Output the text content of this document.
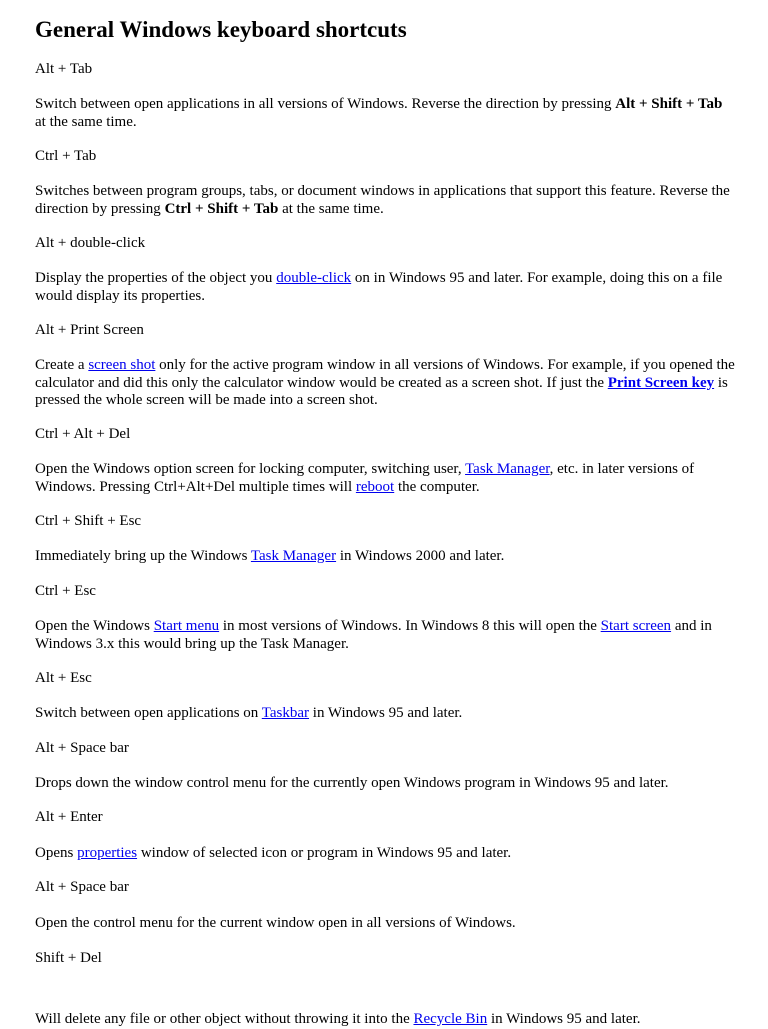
General Windows keyboard shortcuts

Alt + Tab

Switch between open applications in all versions of Windows. Reverse the direction by pressing Alt + Shift + Tab
at the same time.

Ctrl + Tab

Switches between program groups, tabs, or document windows in applications that support this feature. Reverse the direction by pressing Ctrl + Shift + Tab at the same time.

Alt + double-click

Display the properties of the object you double-click on in Windows 95 and later. For example, doing this on a file would display its properties.

Alt + Print Screen

Create a screen shot only for the active program window in all versions of Windows. For example, if you opened the calculator and did this only the calculator window would be created as a screen shot. If just the Print Screen key is pressed the whole screen will be made into a screen shot.

Ctrl + Alt + Del

Open the Windows option screen for locking computer, switching user, Task Manager, etc. in later versions of Windows. Pressing Ctrl+Alt+Del multiple times will reboot the computer.

Ctrl + Shift + Esc

Immediately bring up the Windows Task Manager in Windows 2000 and later.

Ctrl + Esc

Open the Windows Start menu in most versions of Windows. In Windows 8 this will open the Start screen and in Windows 3.x this would bring up the Task Manager.

Alt + Esc

Switch between open applications on Taskbar in Windows 95 and later.

Alt + Space bar

Drops down the window control menu for the currently open Windows program in Windows 95 and later.

Alt + Enter

Opens properties window of selected icon or program in Windows 95 and later.

Alt + Space bar

Open the control menu for the current window open in all versions of Windows.

Shift + Del

Will delete any file or other object without throwing it into the Recycle Bin in Windows 95 and later.
